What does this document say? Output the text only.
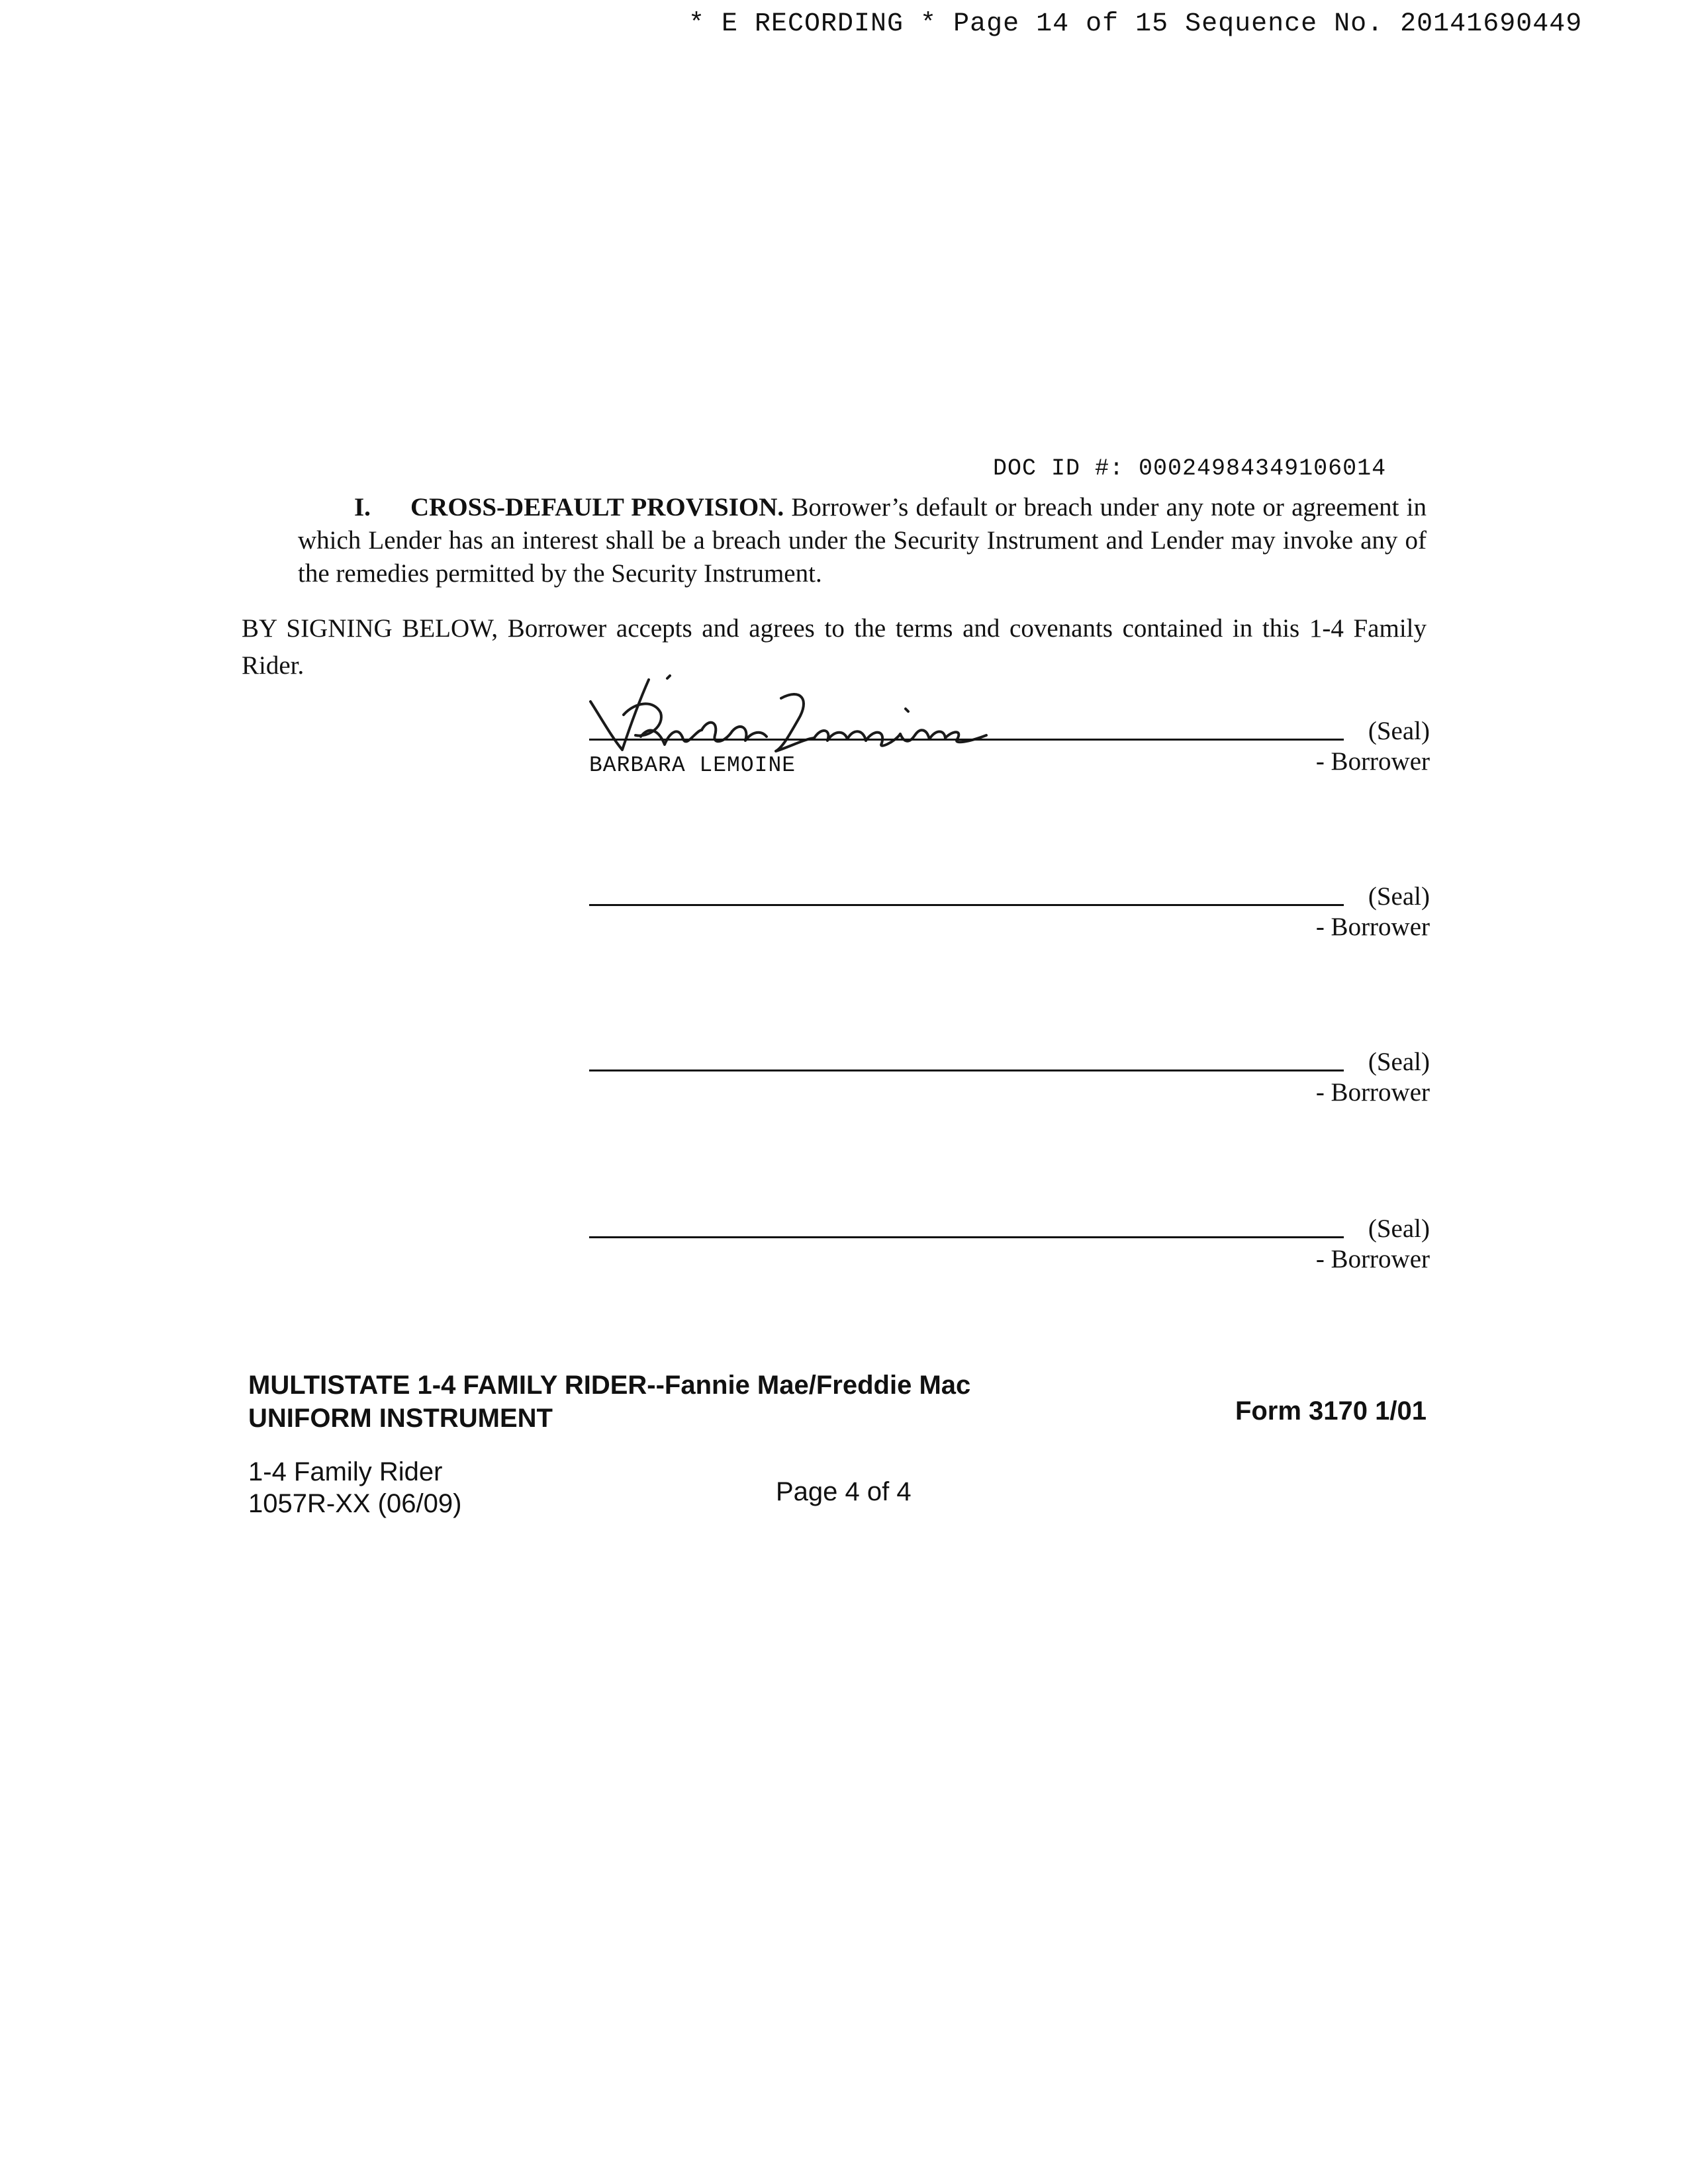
* E RECORDING * Page 14 of 15 Sequence No. 20141690449
DOC ID #: 00024984349106014
I. CROSS-DEFAULT PROVISION. Borrower’s default or breach under any note or agreement in which Lender has an interest shall be a breach under the Security Instrument and Lender may invoke any of the remedies permitted by the Security Instrument.
BY SIGNING BELOW, Borrower accepts and agrees to the terms and covenants contained in this 1-4 Family Rider.
(Seal)
- Borrower
BARBARA LEMOINE
(Seal)
- Borrower
(Seal)
- Borrower
(Seal)
- Borrower
MULTISTATE 1-4 FAMILY RIDER--Fannie Mae/Freddie Mac
UNIFORM INSTRUMENT	Form 3170 1/01
1-4 Family Rider
1057R-XX (06/09)	Page 4 of 4
